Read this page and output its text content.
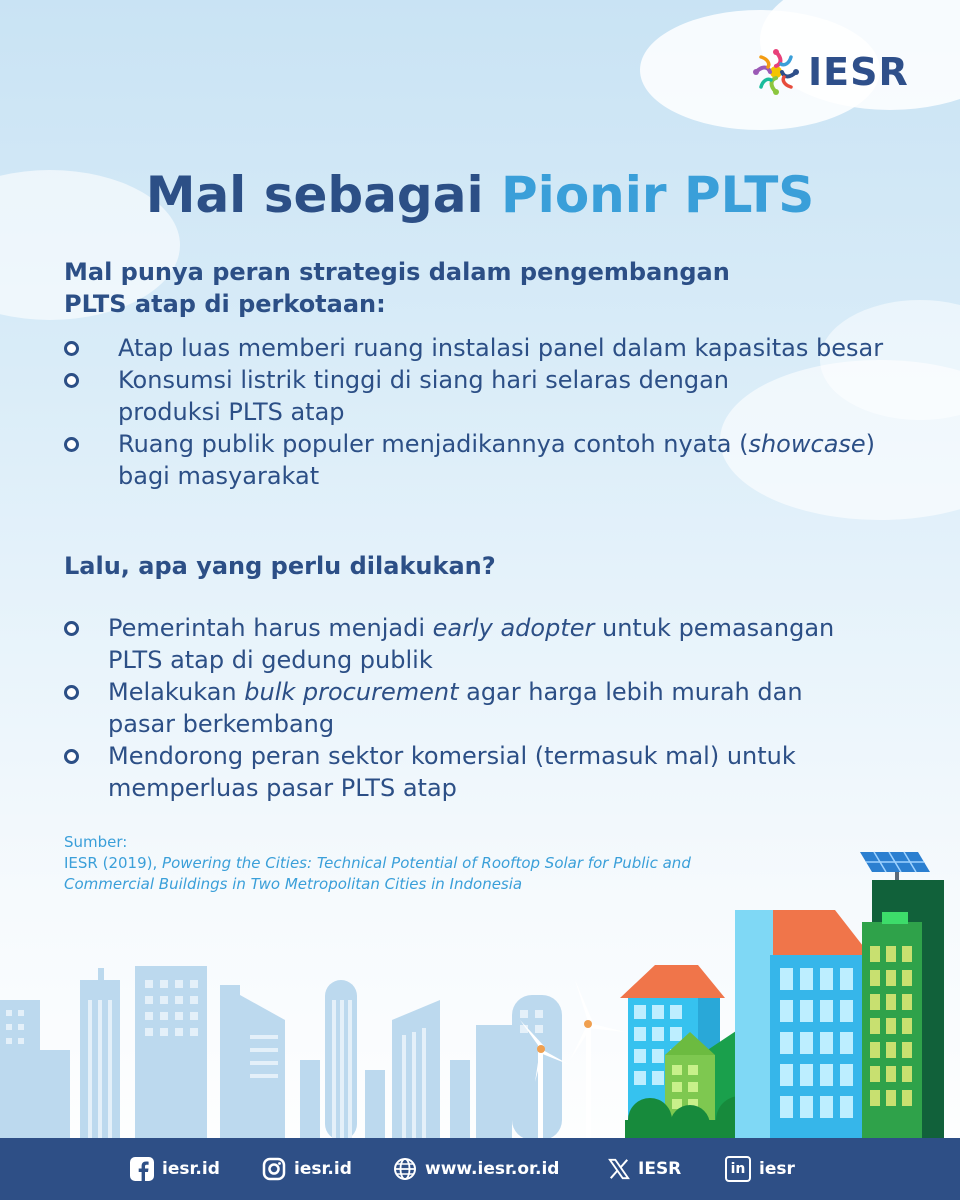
IESR
Mal sebagai Pionir PLTS
Mal punya peran strategis dalam pengembangan
PLTS atap di perkotaan:
Atap luas memberi ruang instalasi panel dalam kapasitas besar
Konsumsi listrik tinggi di siang hari selaras dengan
produksi PLTS atap
Ruang publik populer menjadikannya contoh nyata (showcase)
bagi masyarakat
Lalu, apa yang perlu dilakukan?
Pemerintah harus menjadi early adopter untuk pemasangan
PLTS atap di gedung publik
Melakukan bulk procurement agar harga lebih murah dan
pasar berkembang
Mendorong peran sektor komersial (termasuk mal) untuk
memperluas pasar PLTS atap
Sumber:
IESR (2019), Powering the Cities: Technical Potential of Rooftop Solar for Public and
Commercial Buildings in Two Metropolitan Cities in Indonesia
iesr.id	iesr.id	www.iesr.or.id	IESR	in iesr
